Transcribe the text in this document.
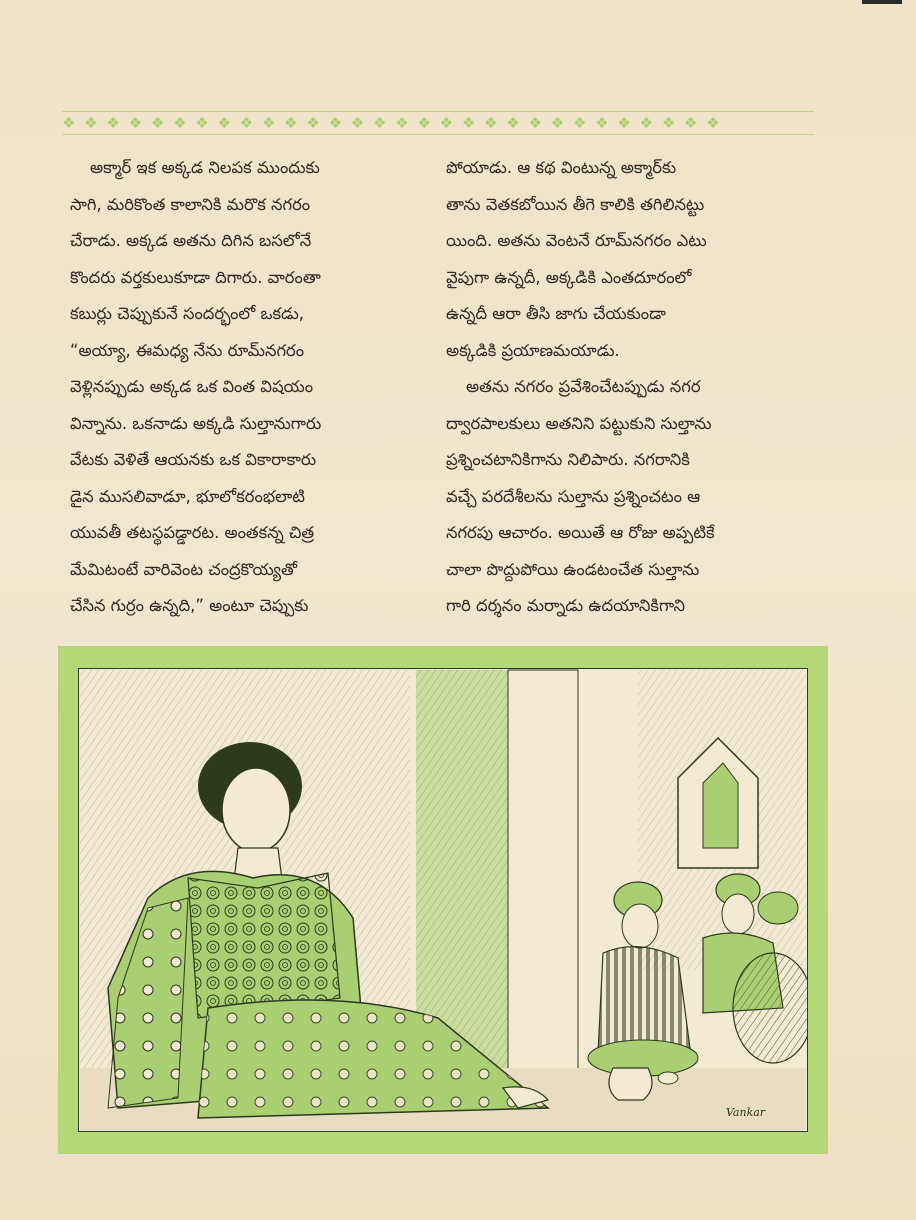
❖ ❖ ❖ ❖ ❖ ❖ ❖ ❖ ❖ ❖ ❖ ❖ ❖ ❖ ❖ ❖ ❖ ❖ ❖ ❖ ❖ ❖ ❖ ❖ ❖ ❖ ❖ ❖ ❖ ❖
అక్మార్ ఇక అక్కడ నిలపక ముందుకు
సాగి, మరికొంత కాలానికి మరొక నగరం
చేరాడు. అక్కడ అతను దిగిన బసలోనే
కొందరు వర్తకులుకూడా దిగారు. వారంతా
కబుర్లు చెప్పుకునే సందర్భంలో ఒకడు,
“అయ్యా, ఈమధ్య నేను రూమ్‌నగరం
వెళ్లినప్పుడు అక్కడ ఒక వింత విషయం
విన్నాను. ఒకనాడు అక్కడి సుల్తానుగారు
వేటకు వెళితే ఆయనకు ఒక వికారాకారు
డైన ముసలివాడూ, భూలోకరంభలాటి
యువతీ తటస్థపడ్డారట. అంతకన్న చిత్ర
మేమిటంటే వారివెంట చంద్రకొయ్యతో
చేసిన గుర్రం ఉన్నది,” అంటూ చెప్పుకు
పోయాడు. ఆ కథ వింటున్న అక్మార్‌కు
తాను వెతకబోయిన తీగె కాలికి తగిలినట్టు
యింది. అతను వెంటనే రూమ్‌నగరం ఎటు
వైపుగా ఉన్నదీ, అక్కడికి ఎంతదూరంలో
ఉన్నదీ ఆరా తీసి జాగు చేయకుండా
అక్కడికి ప్రయాణమయాడు.
అతను నగరం ప్రవేశించేటప్పుడు నగర
ద్వారపాలకులు అతనిని పట్టుకుని సుల్తాను
ప్రశ్నించటానికిగాను నిలిపారు. నగరానికి
వచ్చే పరదేశీలను సుల్తాను ప్రశ్నించటం ఆ
నగరపు ఆచారం. అయితే ఆ రోజు అప్పటికే
చాలా పొద్దుపోయి ఉండటంచేత సుల్తాను
గారి దర్శనం మర్నాడు ఉదయానికిగాని
Vankar
